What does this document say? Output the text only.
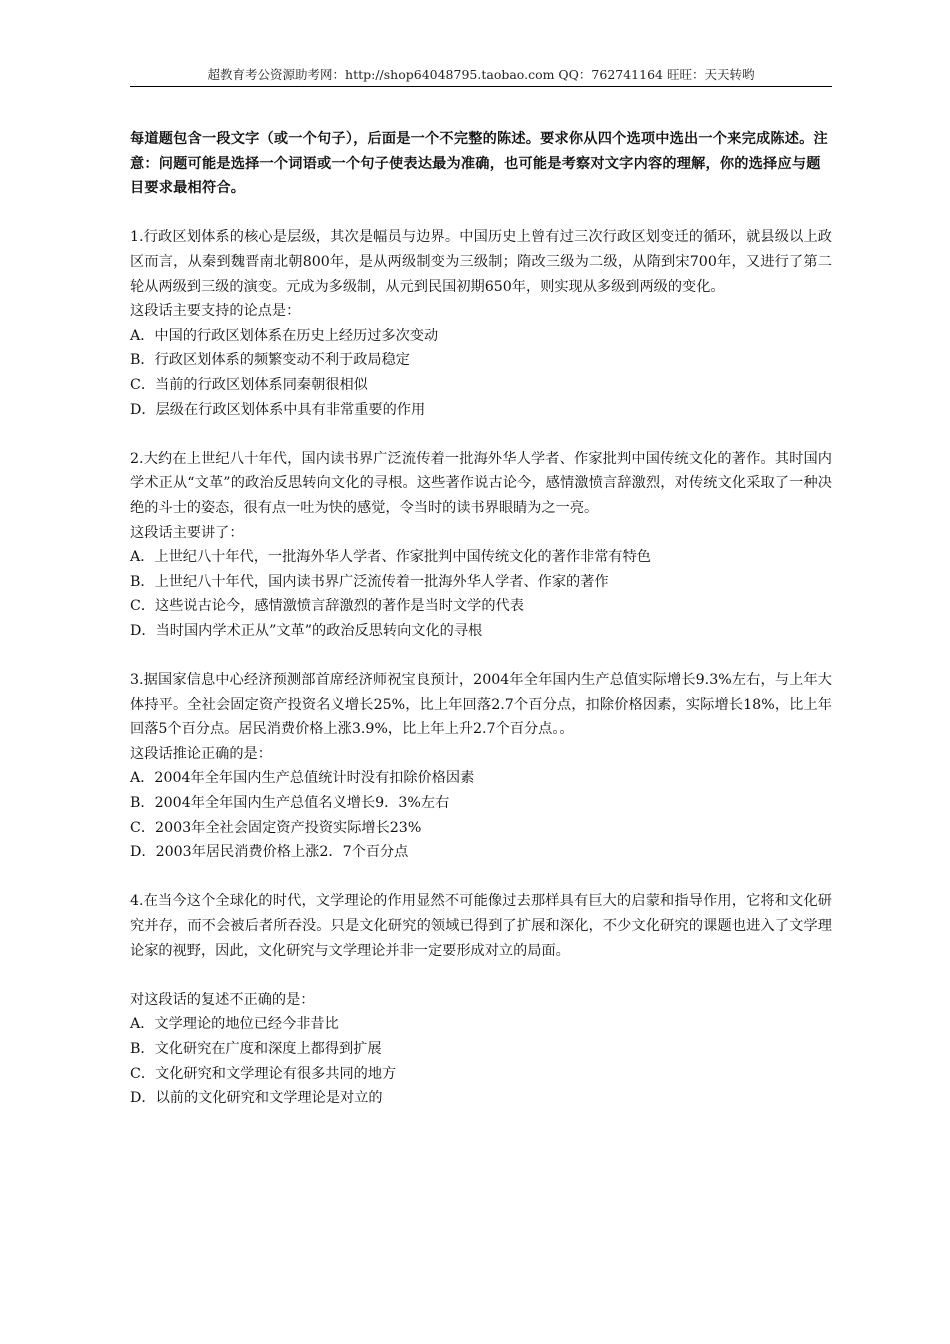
超教育考公资源助考网：http://shop64048795.taobao.com QQ：762741164 旺旺：天天转哟

每道题包含一段文字（或一个句子），后面是一个不完整的陈述。要求你从四个选项中选出一个来完成陈述。注意：问题可能是选择一个词语或一个句子使表达最为准确，也可能是考察对文字内容的理解，你的选择应与题目要求最相符合。

1.行政区划体系的核心是层级，其次是幅员与边界。中国历史上曾有过三次行政区划变迁的循环，就县级以上政区而言，从秦到魏晋南北朝800年，是从两级制变为三级制；隋改三级为二级，从隋到宋700年，又进行了第二轮从两级到三级的演变。元成为多级制，从元到民国初期650年，则实现从多级到两级的变化。

这段话主要支持的论点是：

A．中国的行政区划体系在历史上经历过多次变动

B．行政区划体系的频繁变动不利于政局稳定

C．当前的行政区划体系同秦朝很相似

D．层级在行政区划体系中具有非常重要的作用

2.大约在上世纪八十年代，国内读书界广泛流传着一批海外华人学者、作家批判中国传统文化的著作。其时国内学术正从“文革”的政治反思转向文化的寻根。这些著作说古论今，感情激愤言辞激烈，对传统文化采取了一种决绝的斗士的姿态，很有点一吐为快的感觉，令当时的读书界眼睛为之一亮。

这段话主要讲了：

A．上世纪八十年代，一批海外华人学者、作家批判中国传统文化的著作非常有特色

B．上世纪八十年代，国内读书界广泛流传着一批海外华人学者、作家的著作

C．这些说古论今，感情激愤言辞激烈的著作是当时文学的代表

D．当时国内学术正从”文革”的政治反思转向文化的寻根

3.据国家信息中心经济预测部首席经济师祝宝良预计，2004年全年国内生产总值实际增长9.3%左右，与上年大体持平。全社会固定资产投资名义增长25%，比上年回落2.7个百分点，扣除价格因素，实际增长18%，比上年回落5个百分点。居民消费价格上涨3.9%，比上年上升2.7个百分点。。

这段话推论正确的是：

A．2004年全年国内生产总值统计时没有扣除价格因素

B．2004年全年国内生产总值名义增长9．3%左右

C．2003年全社会固定资产投资实际增长23%

D．2003年居民消费价格上涨2．7个百分点

4.在当今这个全球化的时代，文学理论的作用显然不可能像过去那样具有巨大的启蒙和指导作用，它将和文化研究并存，而不会被后者所吞没。只是文化研究的领域已得到了扩展和深化，不少文化研究的课题也进入了文学理论家的视野，因此，文化研究与文学理论并非一定要形成对立的局面。

对这段话的复述不正确的是：

A．文学理论的地位已经今非昔比

B．文化研究在广度和深度上都得到扩展

C．文化研究和文学理论有很多共同的地方

D．以前的文化研究和文学理论是对立的
